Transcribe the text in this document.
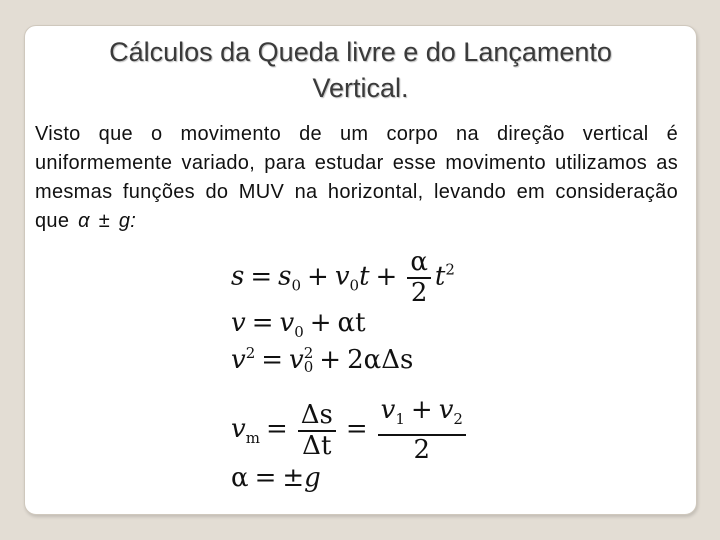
Cálculos da Queda livre e do Lançamento
Vertical.
Visto que o movimento de um corpo na direção vertical é uniformemente variado, para estudar esse movimento utilizamos as mesmas funções do MUV na horizontal, levando em consideração que α ± g:
$s = s_0 + v_0t + \frac{\alpha}{2} t^2$
$v = v_0 + \alpha t$
$v^2 = v$ 2
0 + 2αΔs
$v_m = \frac{\Delta s}{\Delta t} = \frac{v_1 + v_2}{2}$
α = ±g
